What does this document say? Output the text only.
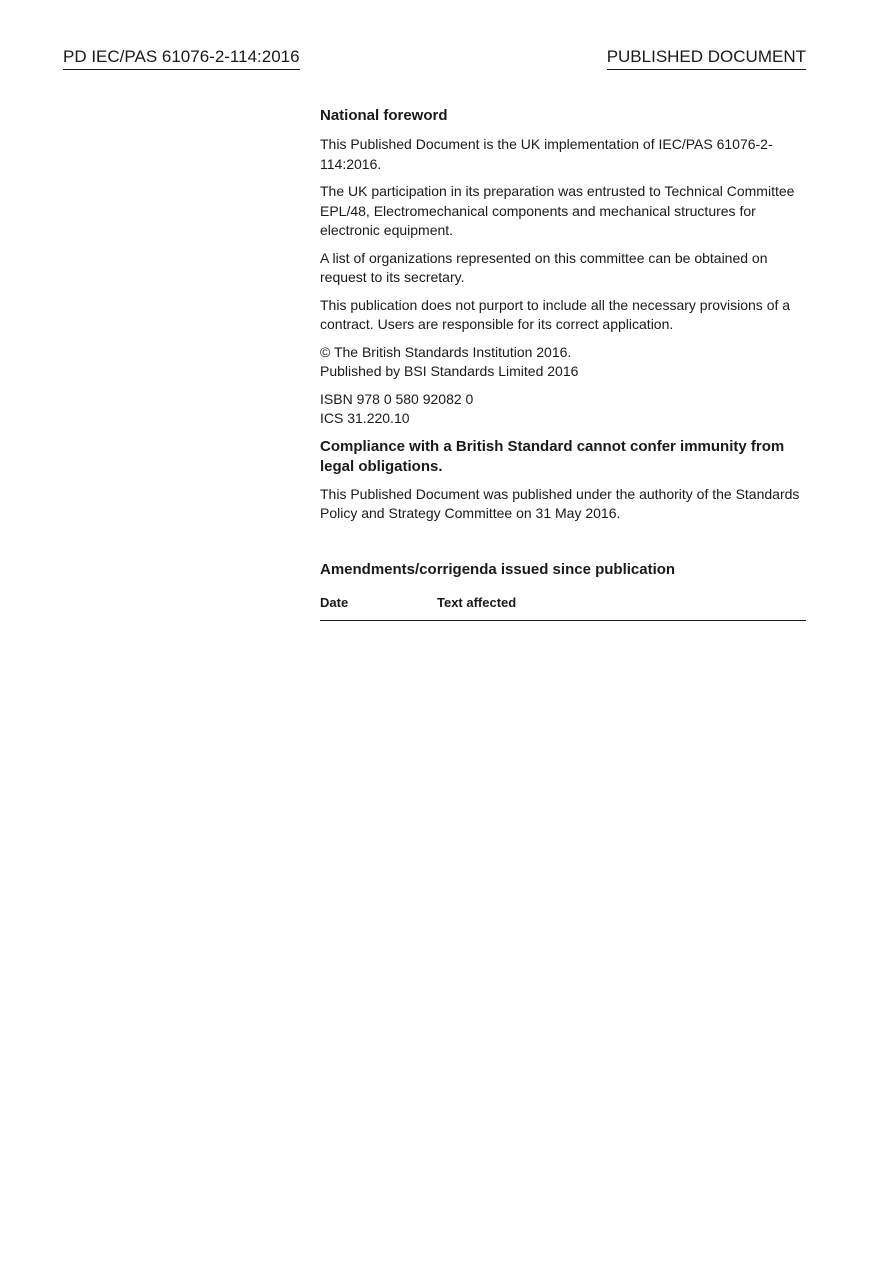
PD IEC/PAS 61076-2-114:2016	PUBLISHED DOCUMENT
National foreword

This Published Document is the UK implementation of IEC/PAS 61076-2-114:2016.

The UK participation in its preparation was entrusted to Technical Committee EPL/48, Electromechanical components and mechanical structures for electronic equipment.

A list of organizations represented on this committee can be obtained on request to its secretary.

This publication does not purport to include all the necessary provisions of a contract. Users are responsible for its correct application.

© The British Standards Institution 2016.
Published by BSI Standards Limited 2016

ISBN 978 0 580 92082 0
ICS 31.220.10

Compliance with a British Standard cannot confer immunity from legal obligations.

This Published Document was published under the authority of the Standards Policy and Strategy Committee on 31 May 2016.

Amendments/corrigenda issued since publication
Date	Text affected
